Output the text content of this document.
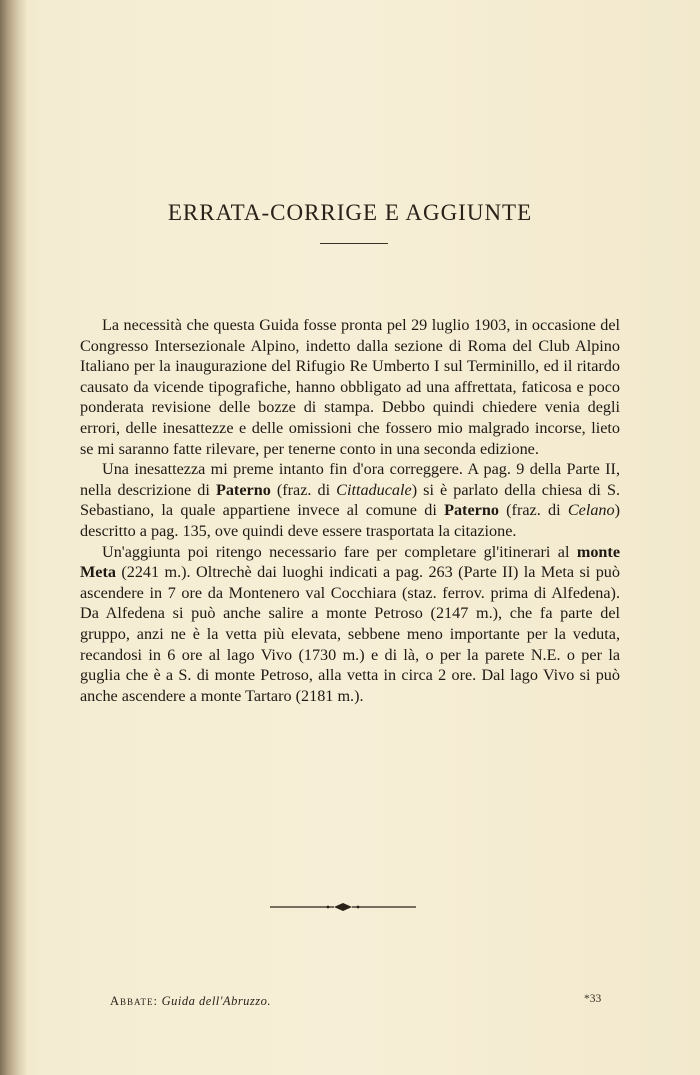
ERRATA-CORRIGE E AGGIUNTE

La necessità che questa Guida fosse pronta pel 29 luglio 1903, in occasione del Congresso Intersezionale Alpino, indetto dalla sezione di Roma del Club Alpino Italiano per la inaugurazione del Rifugio Re Umberto I sul Terminillo, ed il ritardo causato da vicende tipografiche, hanno obbligato ad una affrettata, faticosa e poco ponderata revisione delle bozze di stampa. Debbo quindi chiedere venia degli errori, delle inesattezze e delle omissioni che fossero mio malgrado incorse, lieto se mi saranno fatte rilevare, per tenerne conto in una seconda edizione.

Una inesattezza mi preme intanto fin d'ora correggere. A pag. 9 della Parte II, nella descrizione di Paterno (fraz. di Cittaducale) si è parlato della chiesa di S. Sebastiano, la quale appartiene invece al comune di Paterno (fraz. di Celano) descritto a pag. 135, ove quindi deve essere trasportata la citazione.

Un'aggiunta poi ritengo necessario fare per completare gl'itinerari al monte Meta (2241 m.). Oltrechè dai luoghi indicati a pag. 263 (Parte II) la Meta si può ascendere in 7 ore da Montenero val Cocchiara (staz. ferrov. prima di Alfedena). Da Alfedena si può anche salire a monte Petroso (2147 m.), che fa parte del gruppo, anzi ne è la vetta più elevata, sebbene meno importante per la veduta, recandosi in 6 ore al lago Vivo (1730 m.) e di là, o per la parete N.E. o per la guglia che è a S. di monte Petroso, alla vetta in circa 2 ore. Dal lago Vivo si può anche ascendere a monte Tartaro (2181 m.).

Abbate: Guida dell'Abruzzo.	*33
